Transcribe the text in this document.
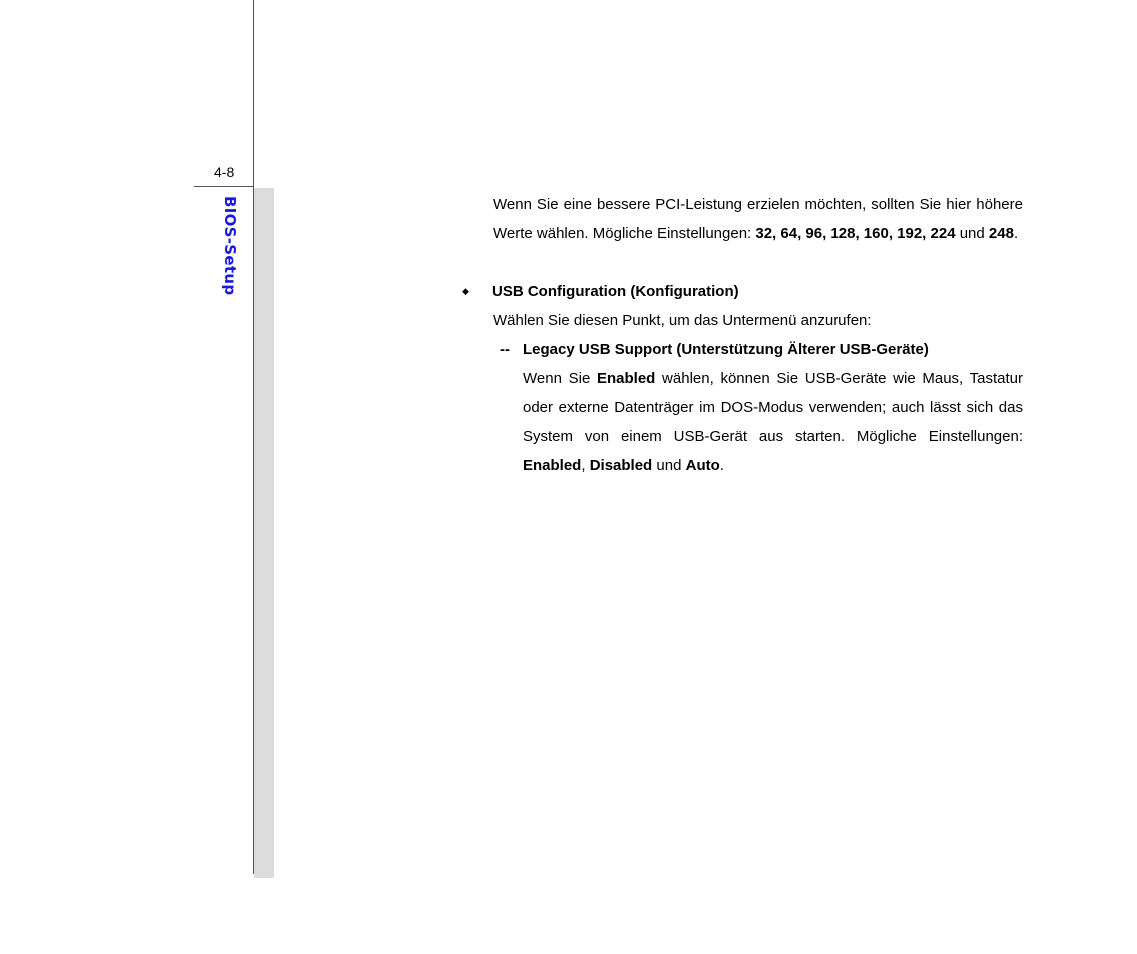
4-8
BIOS-Setup	Wenn Sie eine bessere PCI-Leistung erzielen möchten, sollten Sie hier höhere Werte wählen. Mögliche Einstellungen: 32, 64, 96, 128, 160, 192, 224 und 248.
◆ USB Configuration (Konfiguration)
Wählen Sie diesen Punkt, um das Untermenü anzurufen:
-- Legacy USB Support (Unterstützung Älterer USB-Geräte)
Wenn Sie Enabled wählen, können Sie USB-Geräte wie Maus, Tastatur oder externe Datenträger im DOS-Modus verwenden; auch lässt sich das System von einem USB-Gerät aus starten. Mögliche Einstellungen: Enabled, Disabled und Auto.
